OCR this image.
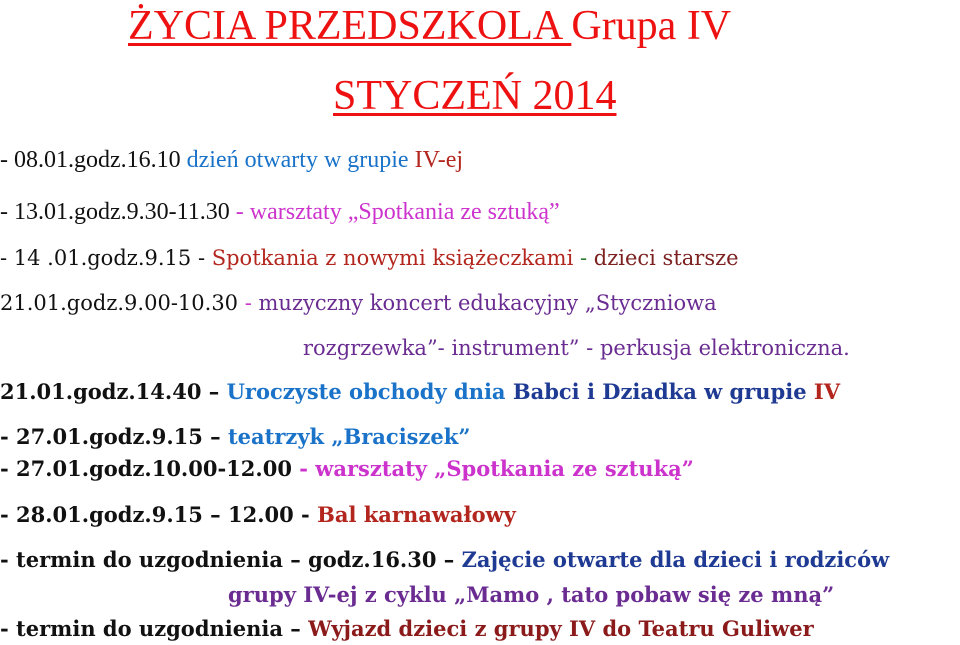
ŻYCIA PRZEDSZKOLA Grupa IV
STYCZEŃ 2014
- 08.01.godz.16.10 dzień otwarty w grupie IV-ej
- 13.01.godz.9.30-11.30 - warsztaty „Spotkania ze sztuką”
- 14 .01.godz.9.15 - Spotkania z nowymi książeczkami - dzieci starsze
21.01.godz.9.00-10.30 - muzyczny koncert edukacyjny „Styczniowa
rozgrzewka”- instrument” - perkusja elektroniczna.
21.01.godz.14.40 – Uroczyste obchody dnia Babci i Dziadka w grupie IV
- 27.01.godz.9.15 – teatrzyk „Braciszek”
- 27.01.godz.10.00-12.00 - warsztaty „Spotkania ze sztuką”
- 28.01.godz.9.15 – 12.00 - Bal karnawałowy
- termin do uzgodnienia – godz.16.30 – Zajęcie otwarte dla dzieci i rodziców
grupy IV-ej z cyklu „Mamo , tato pobaw się ze mną”
- termin do uzgodnienia – Wyjazd dzieci z grupy IV do Teatru Guliwer
